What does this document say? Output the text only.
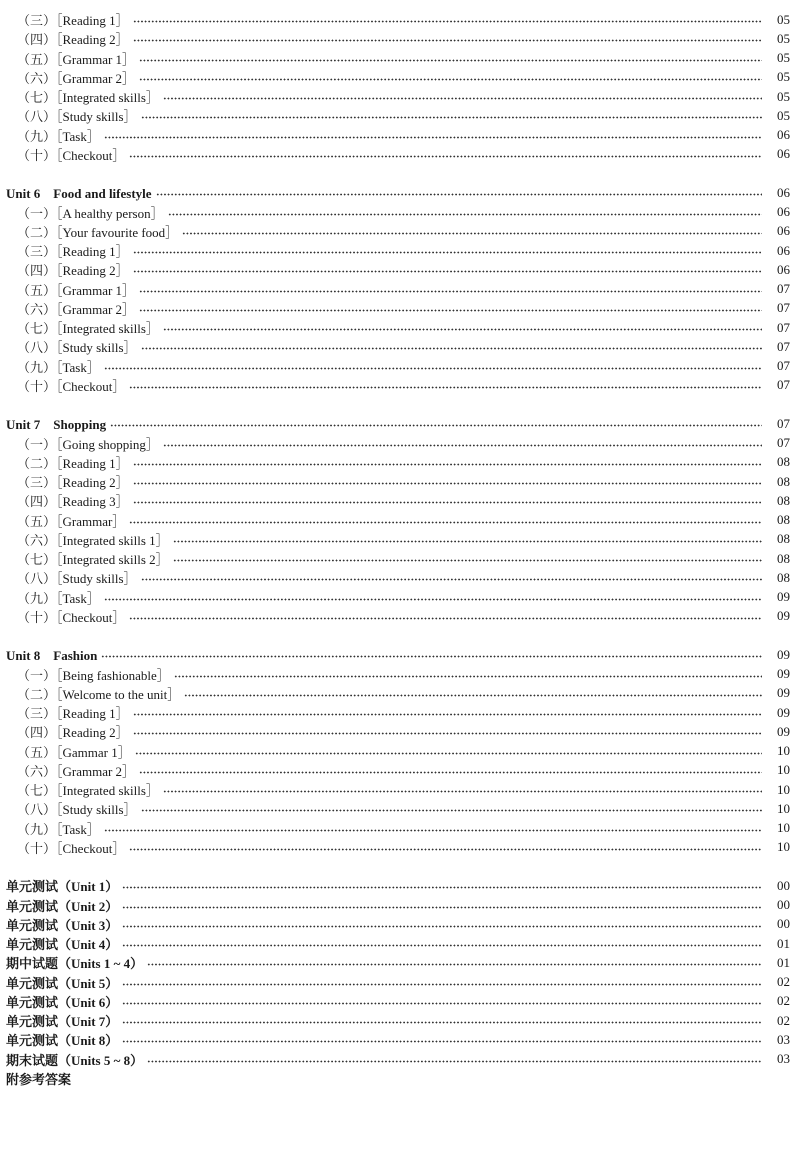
（三）［Reading 1］	05
（四）［Reading 2］	05
（五）［Grammar 1］	05
（六）［Grammar 2］	05
（七）［Integrated skills］	05
（八）［Study skills］	05
（九）［Task］	06
（十）［Checkout］	06
Unit 6　Food and lifestyle	06
（一）［A healthy person］	06
（二）［Your favourite food］	06
（三）［Reading 1］	06
（四）［Reading 2］	06
（五）［Grammar 1］	07
（六）［Grammar 2］	07
（七）［Integrated skills］	07
（八）［Study skills］	07
（九）［Task］	07
（十）［Checkout］	07
Unit 7　Shopping	07
（一）［Going shopping］	07
（二）［Reading 1］	08
（三）［Reading 2］	08
（四）［Reading 3］	08
（五）［Grammar］	08
（六）［Integrated skills 1］	08
（七）［Integrated skills 2］	08
（八）［Study skills］	08
（九）［Task］	09
（十）［Checkout］	09
Unit 8　Fashion	09
（一）［Being fashionable］	09
（二）［Welcome to the unit］	09
（三）［Reading 1］	09
（四）［Reading 2］	09
（五）［Gammar 1］	10
（六）［Grammar 2］	10
（七）［Integrated skills］	10
（八）［Study skills］	10
（九）［Task］	10
（十）［Checkout］	10
单元测试（Unit 1）	00
单元测试（Unit 2）	00
单元测试（Unit 3）	00
单元测试（Unit 4）	01
期中试题（Units 1 ~ 4）	01
单元测试（Unit 5）	02
单元测试（Unit 6）	02
单元测试（Unit 7）	02
单元测试（Unit 8）	03
期末试题（Units 5 ~ 8）	03
附参考答案
